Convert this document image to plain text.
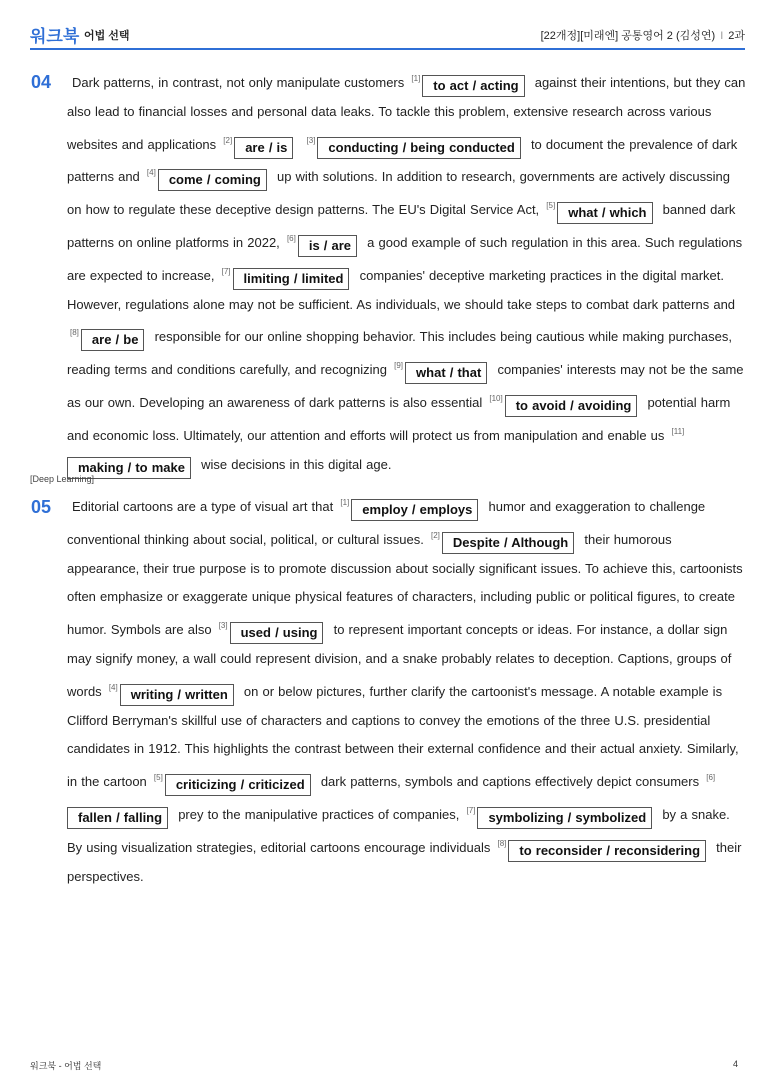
워크북 어법 선택	[22개정][미래엔] 공통영어 2 (김성연) I 2과
04	Dark patterns, in contrast, not only manipulate customers [1] to act / acting against their intentions, but they can also lead to financial losses and personal data leaks. To tackle this problem, extensive research across various websites and applications [2] are / is [3] conducting / being conducted to document the prevalence of dark patterns and [4] come / coming up with solutions. In addition to research, governments are actively discussing on how to regulate these deceptive design patterns. The EU's Digital Service Act, [5] what / which banned dark patterns on online platforms in 2022, [6] is / are a good example of such regulation in this area. Such regulations are expected to increase, [7] limiting / limited companies' deceptive marketing practices in the digital market. However, regulations alone may not be sufficient. As individuals, we should take steps to combat dark patterns and [8] are / be responsible for our online shopping behavior. This includes being cautious while making purchases, reading terms and conditions carefully, and recognizing [9] what / that companies' interests may not be the same as our own. Developing an awareness of dark patterns is also essential [10] to avoid / avoiding potential harm and economic loss. Ultimately, our attention and efforts will protect us from manipulation and enable us [11]making / to make wise decisions in this digital age.
[Deep Learning]
05	Editorial cartoons are a type of visual art that [1] employ / employs humor and exaggeration to challenge conventional thinking about social, political, or cultural issues. [2] Despite / Although their humorous appearance, their true purpose is to promote discussion about socially significant issues. To achieve this, cartoonists often emphasize or exaggerate unique physical features of characters, including public or political figures, to create humor. Symbols are also [3] used / using to represent important concepts or ideas. For instance, a dollar sign may signify money, a wall could represent division, and a snake probably relates to deception. Captions, groups of words [4] writing / written on or below pictures, further clarify the cartoonist's message. A notable example is Clifford Berryman's skillful use of characters and captions to convey the emotions of the three U.S. presidential candidates in 1912. This highlights the contrast between their external confidence and their actual anxiety. Similarly, in the cartoon [5] criticizing / criticized dark patterns, symbols and captions effectively depict consumers [6]fallen / falling prey to the manipulative practices of companies, [7] symbolizing / symbolized by a snake. By using visualization strategies, editorial cartoons encourage individuals [8] to reconsider / reconsidering their perspectives.
워크북 - 어법 선택	4
